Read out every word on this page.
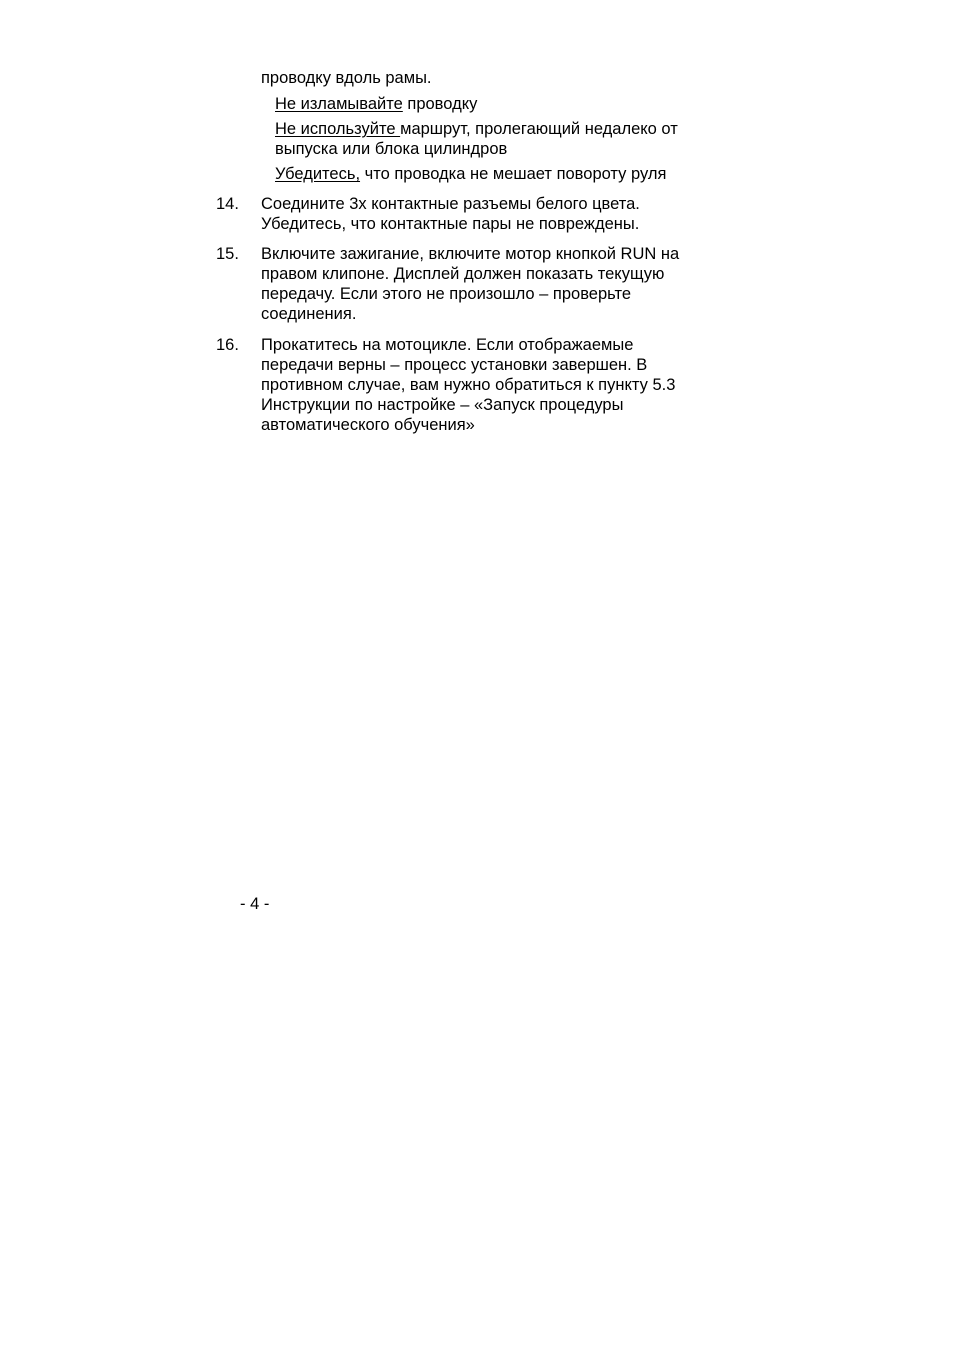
проводку вдоль рамы.
Не изламывайте проводку
Не используйте маршрут, пролегающий недалеко от
выпуска или блока цилиндров
Убедитесь, что проводка не мешает повороту руля
14. Соедините 3х контактные разъемы белого цвета.
Убедитесь, что контактные пары не повреждены.
15. Включите зажигание, включите мотор кнопкой RUN на
правом клипоне. Дисплей должен показать текущую
передачу. Если этого не произошло – проверьте
соединения.
16. Прокатитесь на мотоцикле. Если отображаемые
передачи верны – процесс установки завершен. В
противном случае, вам нужно обратиться к пункту 5.3
Инструкции по настройке – «Запуск процедуры
автоматического обучения»
- 4 -
